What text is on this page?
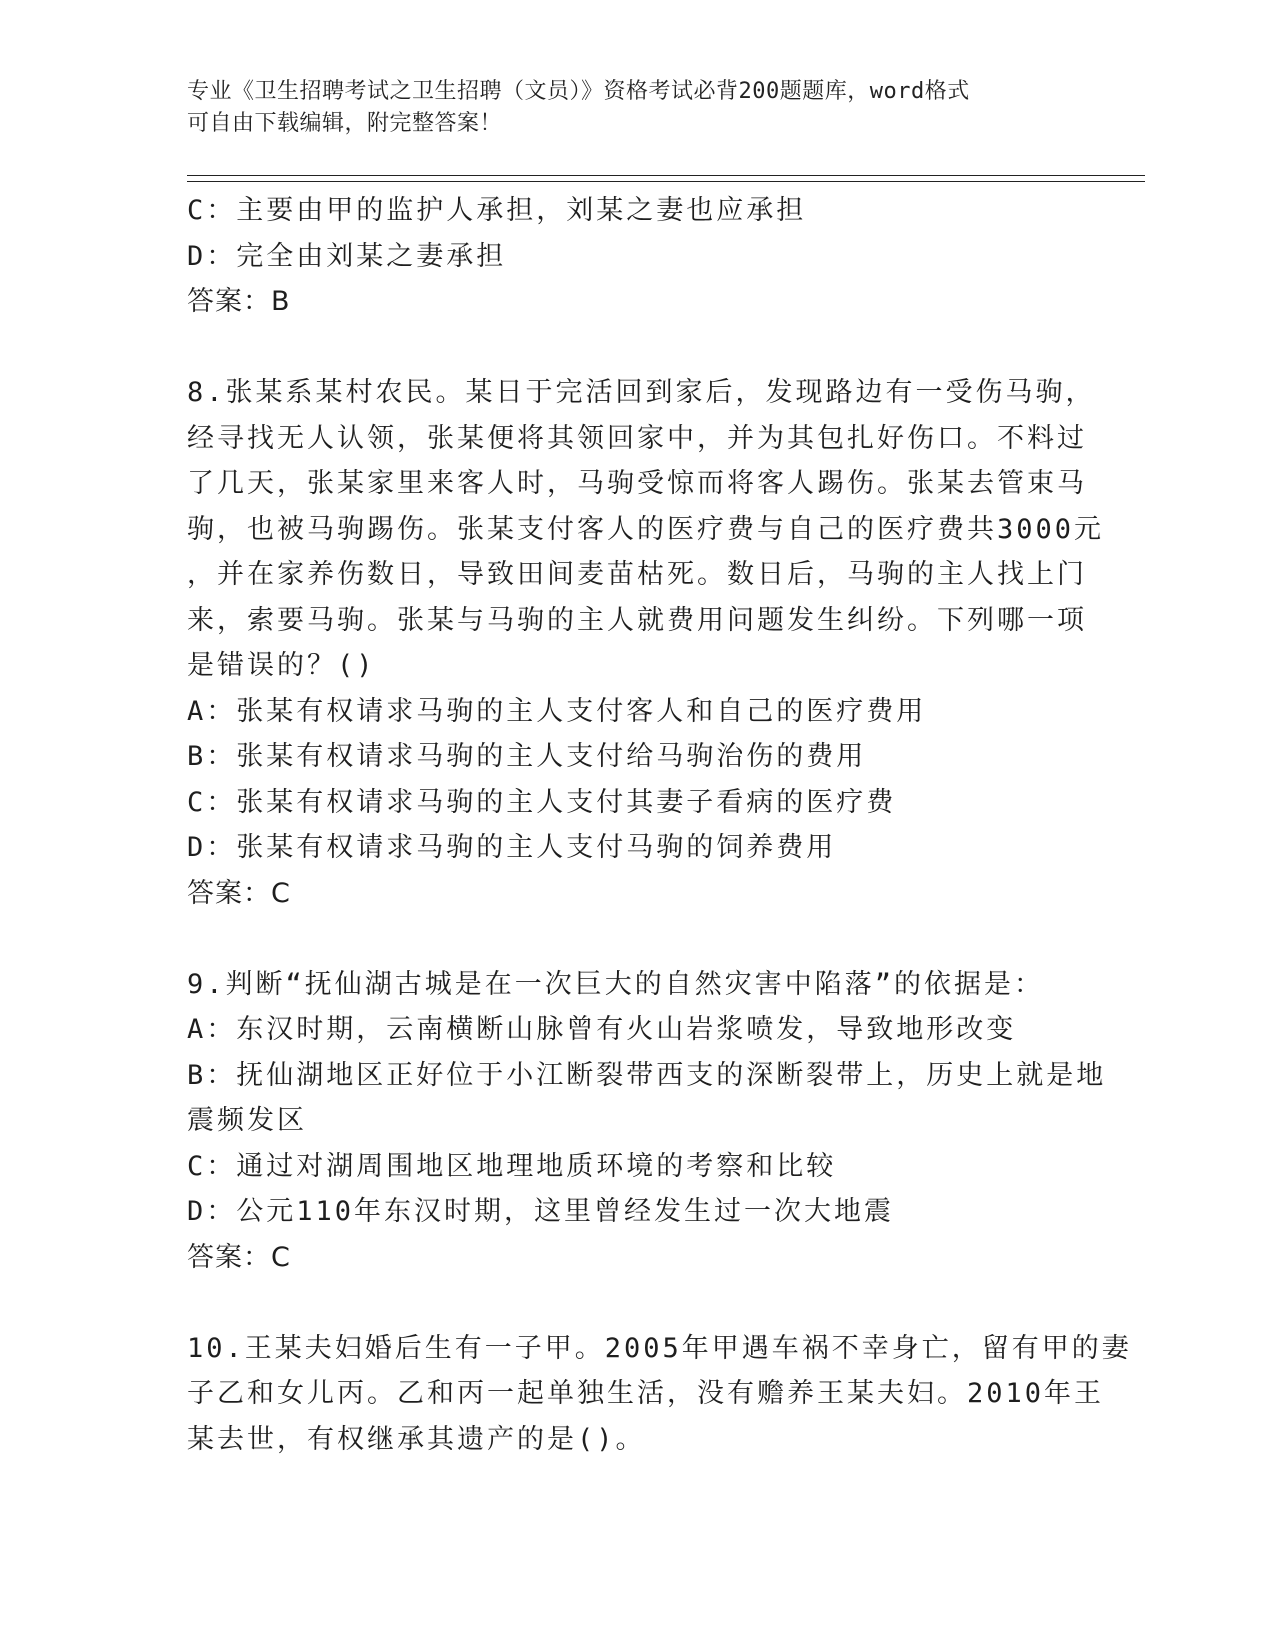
专业《卫生招聘考试之卫生招聘（文员）》资格考试必背200题题库，word格式
可自由下载编辑，附完整答案！
C：主要由甲的监护人承担，刘某之妻也应承担
D：完全由刘某之妻承担
答案：B
8.张某系某村农民。某日于完活回到家后，发现路边有一受伤马驹，
经寻找无人认领，张某便将其领回家中，并为其包扎好伤口。不料过
了几天，张某家里来客人时，马驹受惊而将客人踢伤。张某去管束马
驹，也被马驹踢伤。张某支付客人的医疗费与自己的医疗费共3000元
，并在家养伤数日，导致田间麦苗枯死。数日后，马驹的主人找上门
来，索要马驹。张某与马驹的主人就费用问题发生纠纷。下列哪一项
是错误的？()
A：张某有权请求马驹的主人支付客人和自己的医疗费用
B：张某有权请求马驹的主人支付给马驹治伤的费用
C：张某有权请求马驹的主人支付其妻子看病的医疗费
D：张某有权请求马驹的主人支付马驹的饲养费用
答案：C
9.判断“抚仙湖古城是在一次巨大的自然灾害中陷落”的依据是：
A：东汉时期，云南横断山脉曾有火山岩浆喷发，导致地形改变
B：抚仙湖地区正好位于小江断裂带西支的深断裂带上，历史上就是地
震频发区
C：通过对湖周围地区地理地质环境的考察和比较
D：公元110年东汉时期，这里曾经发生过一次大地震
答案：C
10.王某夫妇婚后生有一子甲。2005年甲遇车祸不幸身亡，留有甲的妻
子乙和女儿丙。乙和丙一起单独生活，没有赡养王某夫妇。2010年王
某去世，有权继承其遗产的是()。
